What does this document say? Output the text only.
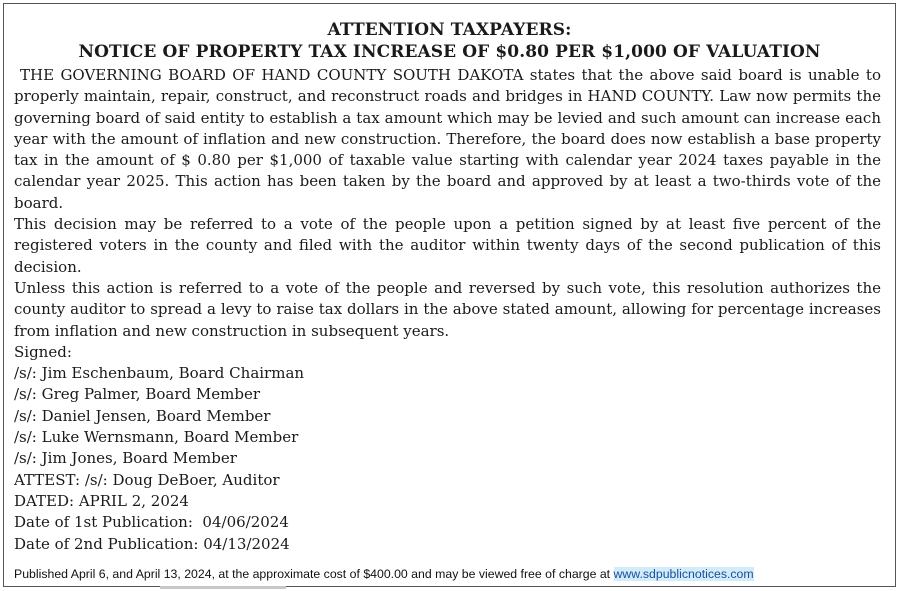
ATTENTION TAXPAYERS:
NOTICE OF PROPERTY TAX INCREASE OF $0.80 PER $1,000 OF VALUATION

THE GOVERNING BOARD OF HAND COUNTY SOUTH DAKOTA states that the above said board is unable to properly maintain, repair, construct, and reconstruct roads and bridges in HAND COUNTY. Law now permits the governing board of said entity to establish a tax amount which may be levied and such amount can increase each year with the amount of inflation and new construction. Therefore, the board does now establish a base property tax in the amount of $ 0.80 per $1,000 of taxable value starting with calendar year 2024 taxes payable in the calendar year 2025. This action has been taken by the board and approved by at least a two-thirds vote of the board.

This decision may be referred to a vote of the people upon a petition signed by at least five percent of the registered voters in the county and filed with the auditor within twenty days of the second publication of this decision.

Unless this action is referred to a vote of the people and reversed by such vote, this resolution authorizes the county auditor to spread a levy to raise tax dollars in the above stated amount, allowing for percentage increases from inflation and new construction in subsequent years.

Signed:
/s/: Jim Eschenbaum, Board Chairman
/s/: Greg Palmer, Board Member
/s/: Daniel Jensen, Board Member
/s/: Luke Wernsmann, Board Member
/s/: Jim Jones, Board Member
ATTEST: /s/: Doug DeBoer, Auditor
DATED: APRIL 2, 2024
Date of 1st Publication:  04/06/2024
Date of 2nd Publication: 04/13/2024
Published April 6, and April 13, 2024, at the approximate cost of $400.00 and may be viewed free of charge at www.sdpublicnotices.com
